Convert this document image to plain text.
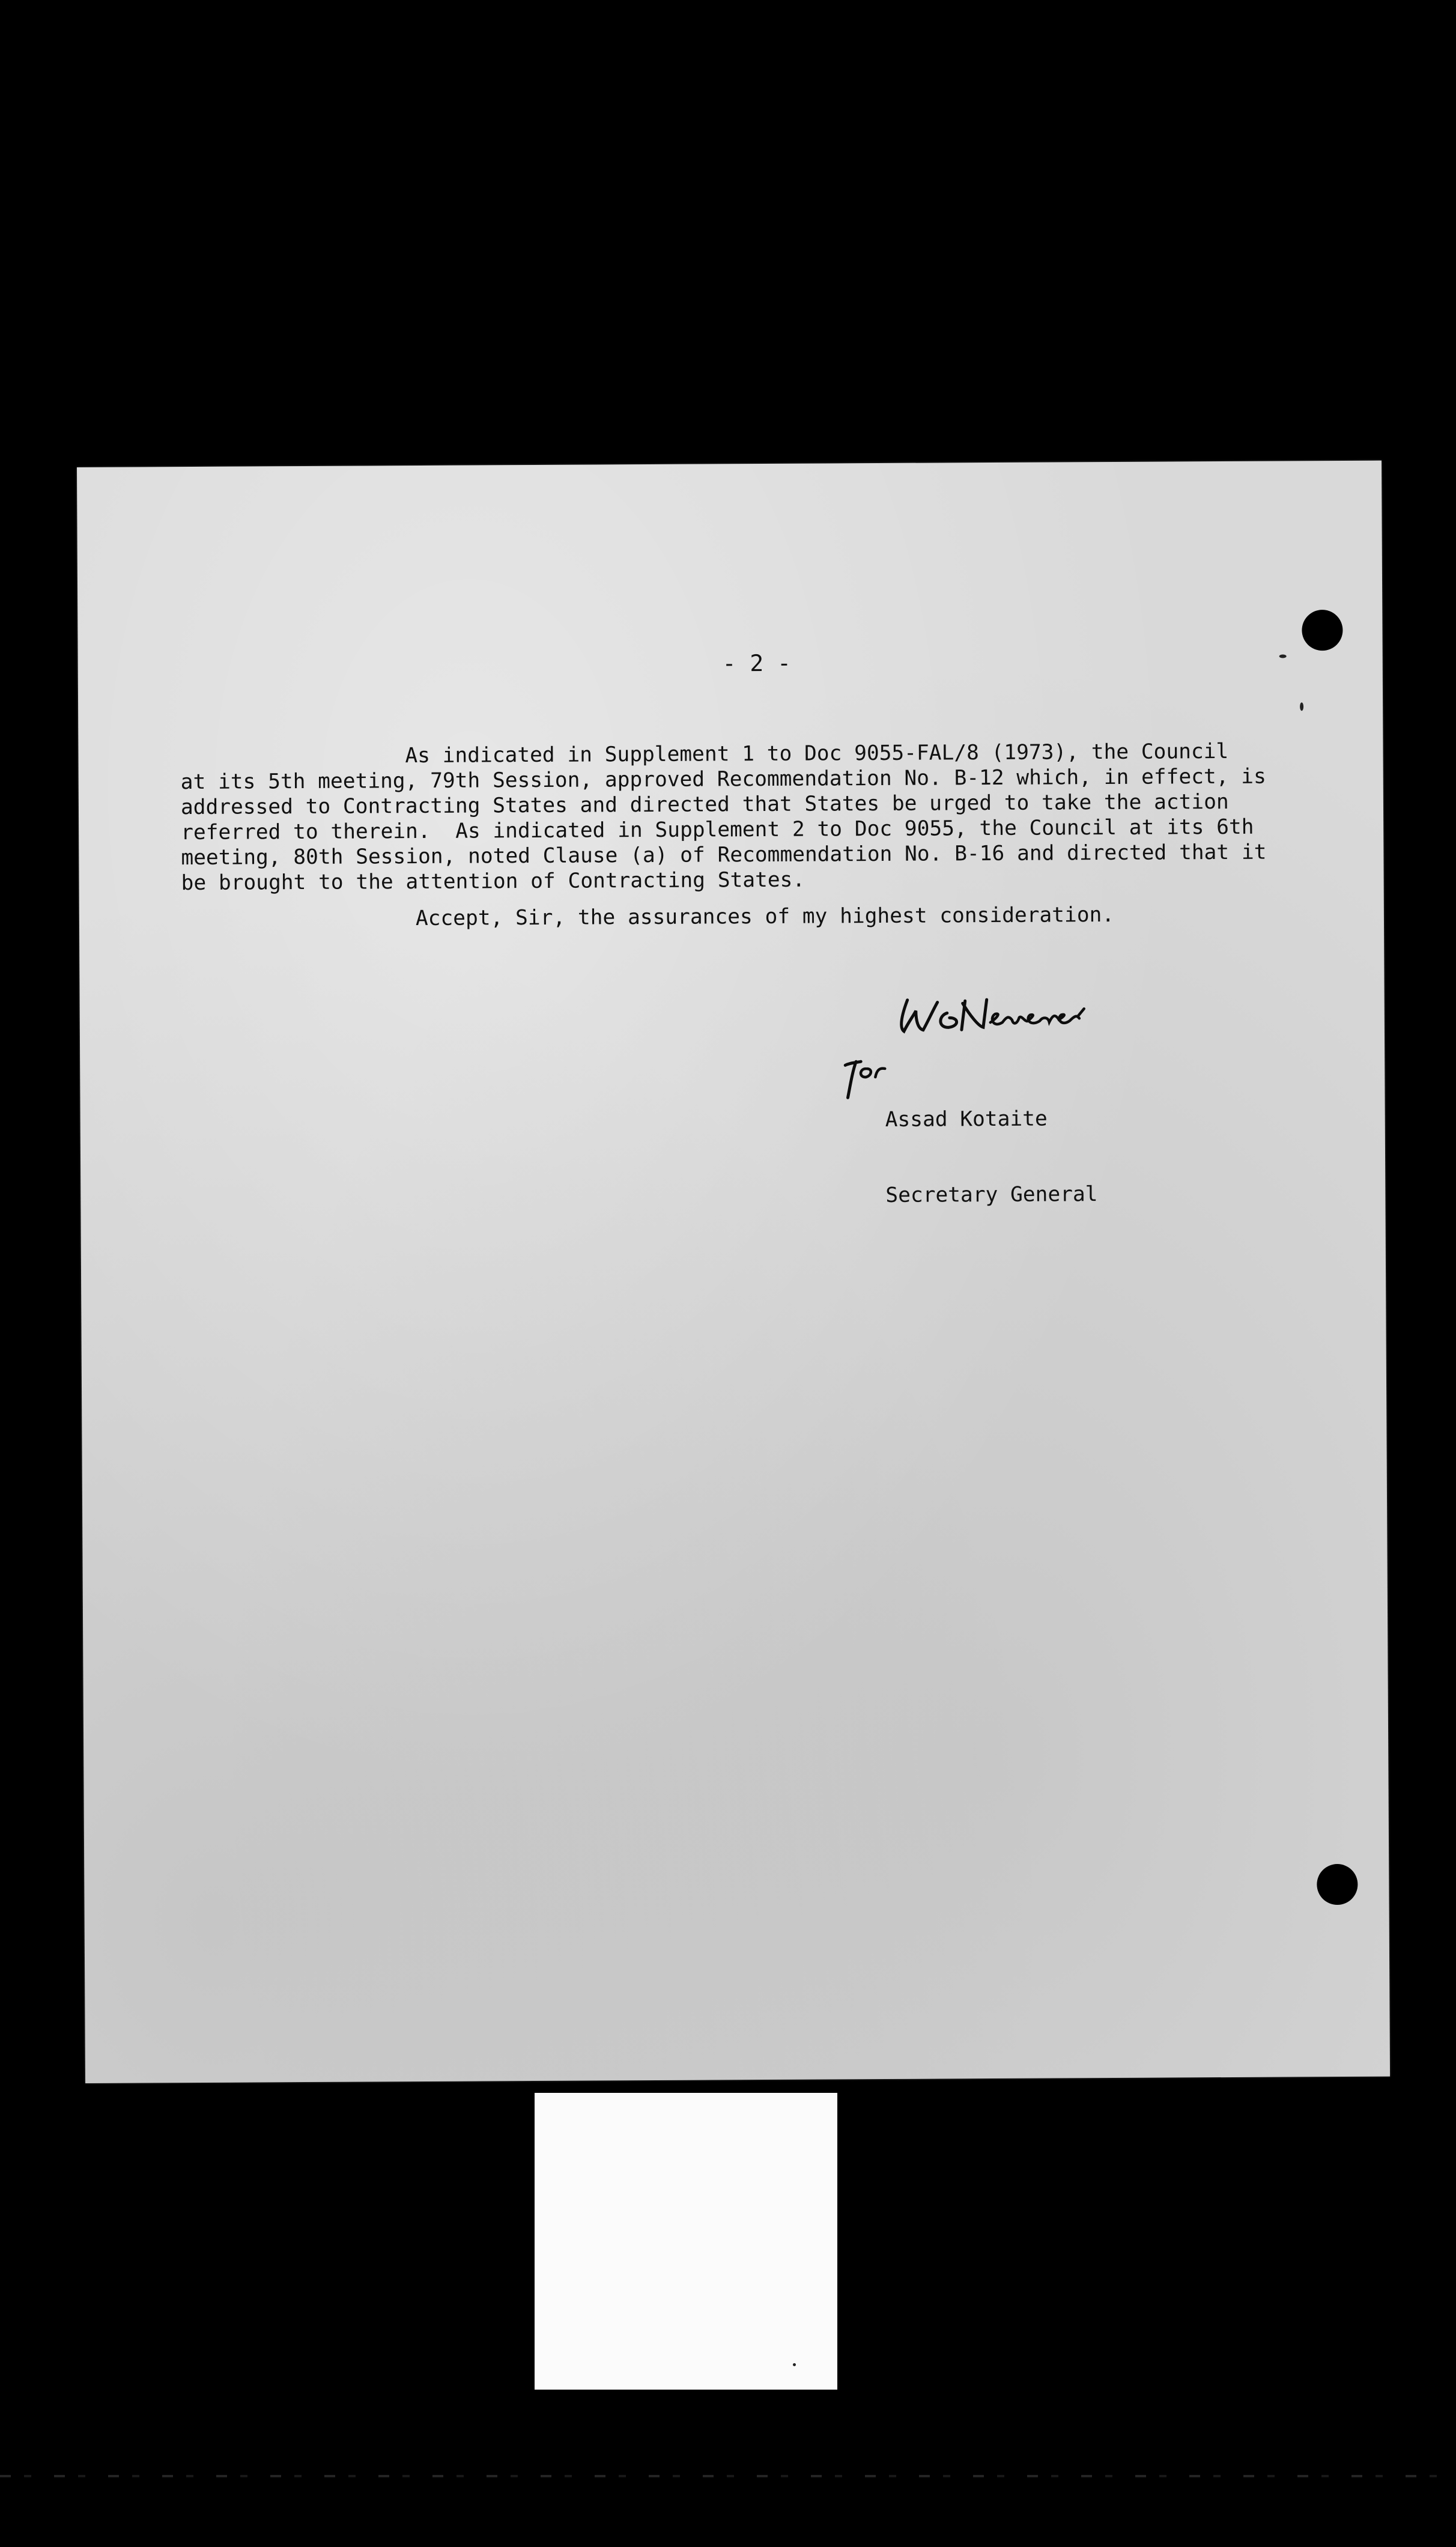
- 2 -
As indicated in Supplement 1 to Doc 9055-FAL/8 (1973), the Council
at its 5th meeting, 79th Session, approved Recommendation No. B-12 which, in effect, is
addressed to Contracting States and directed that States be urged to take the action
referred to therein.  As indicated in Supplement 2 to Doc 9055, the Council at its 6th
meeting, 80th Session, noted Clause (a) of Recommendation No. B-16 and directed that it
be brought to the attention of Contracting States.
Accept, Sir, the assurances of my highest consideration.

Assad Kotaite

Secretary General
